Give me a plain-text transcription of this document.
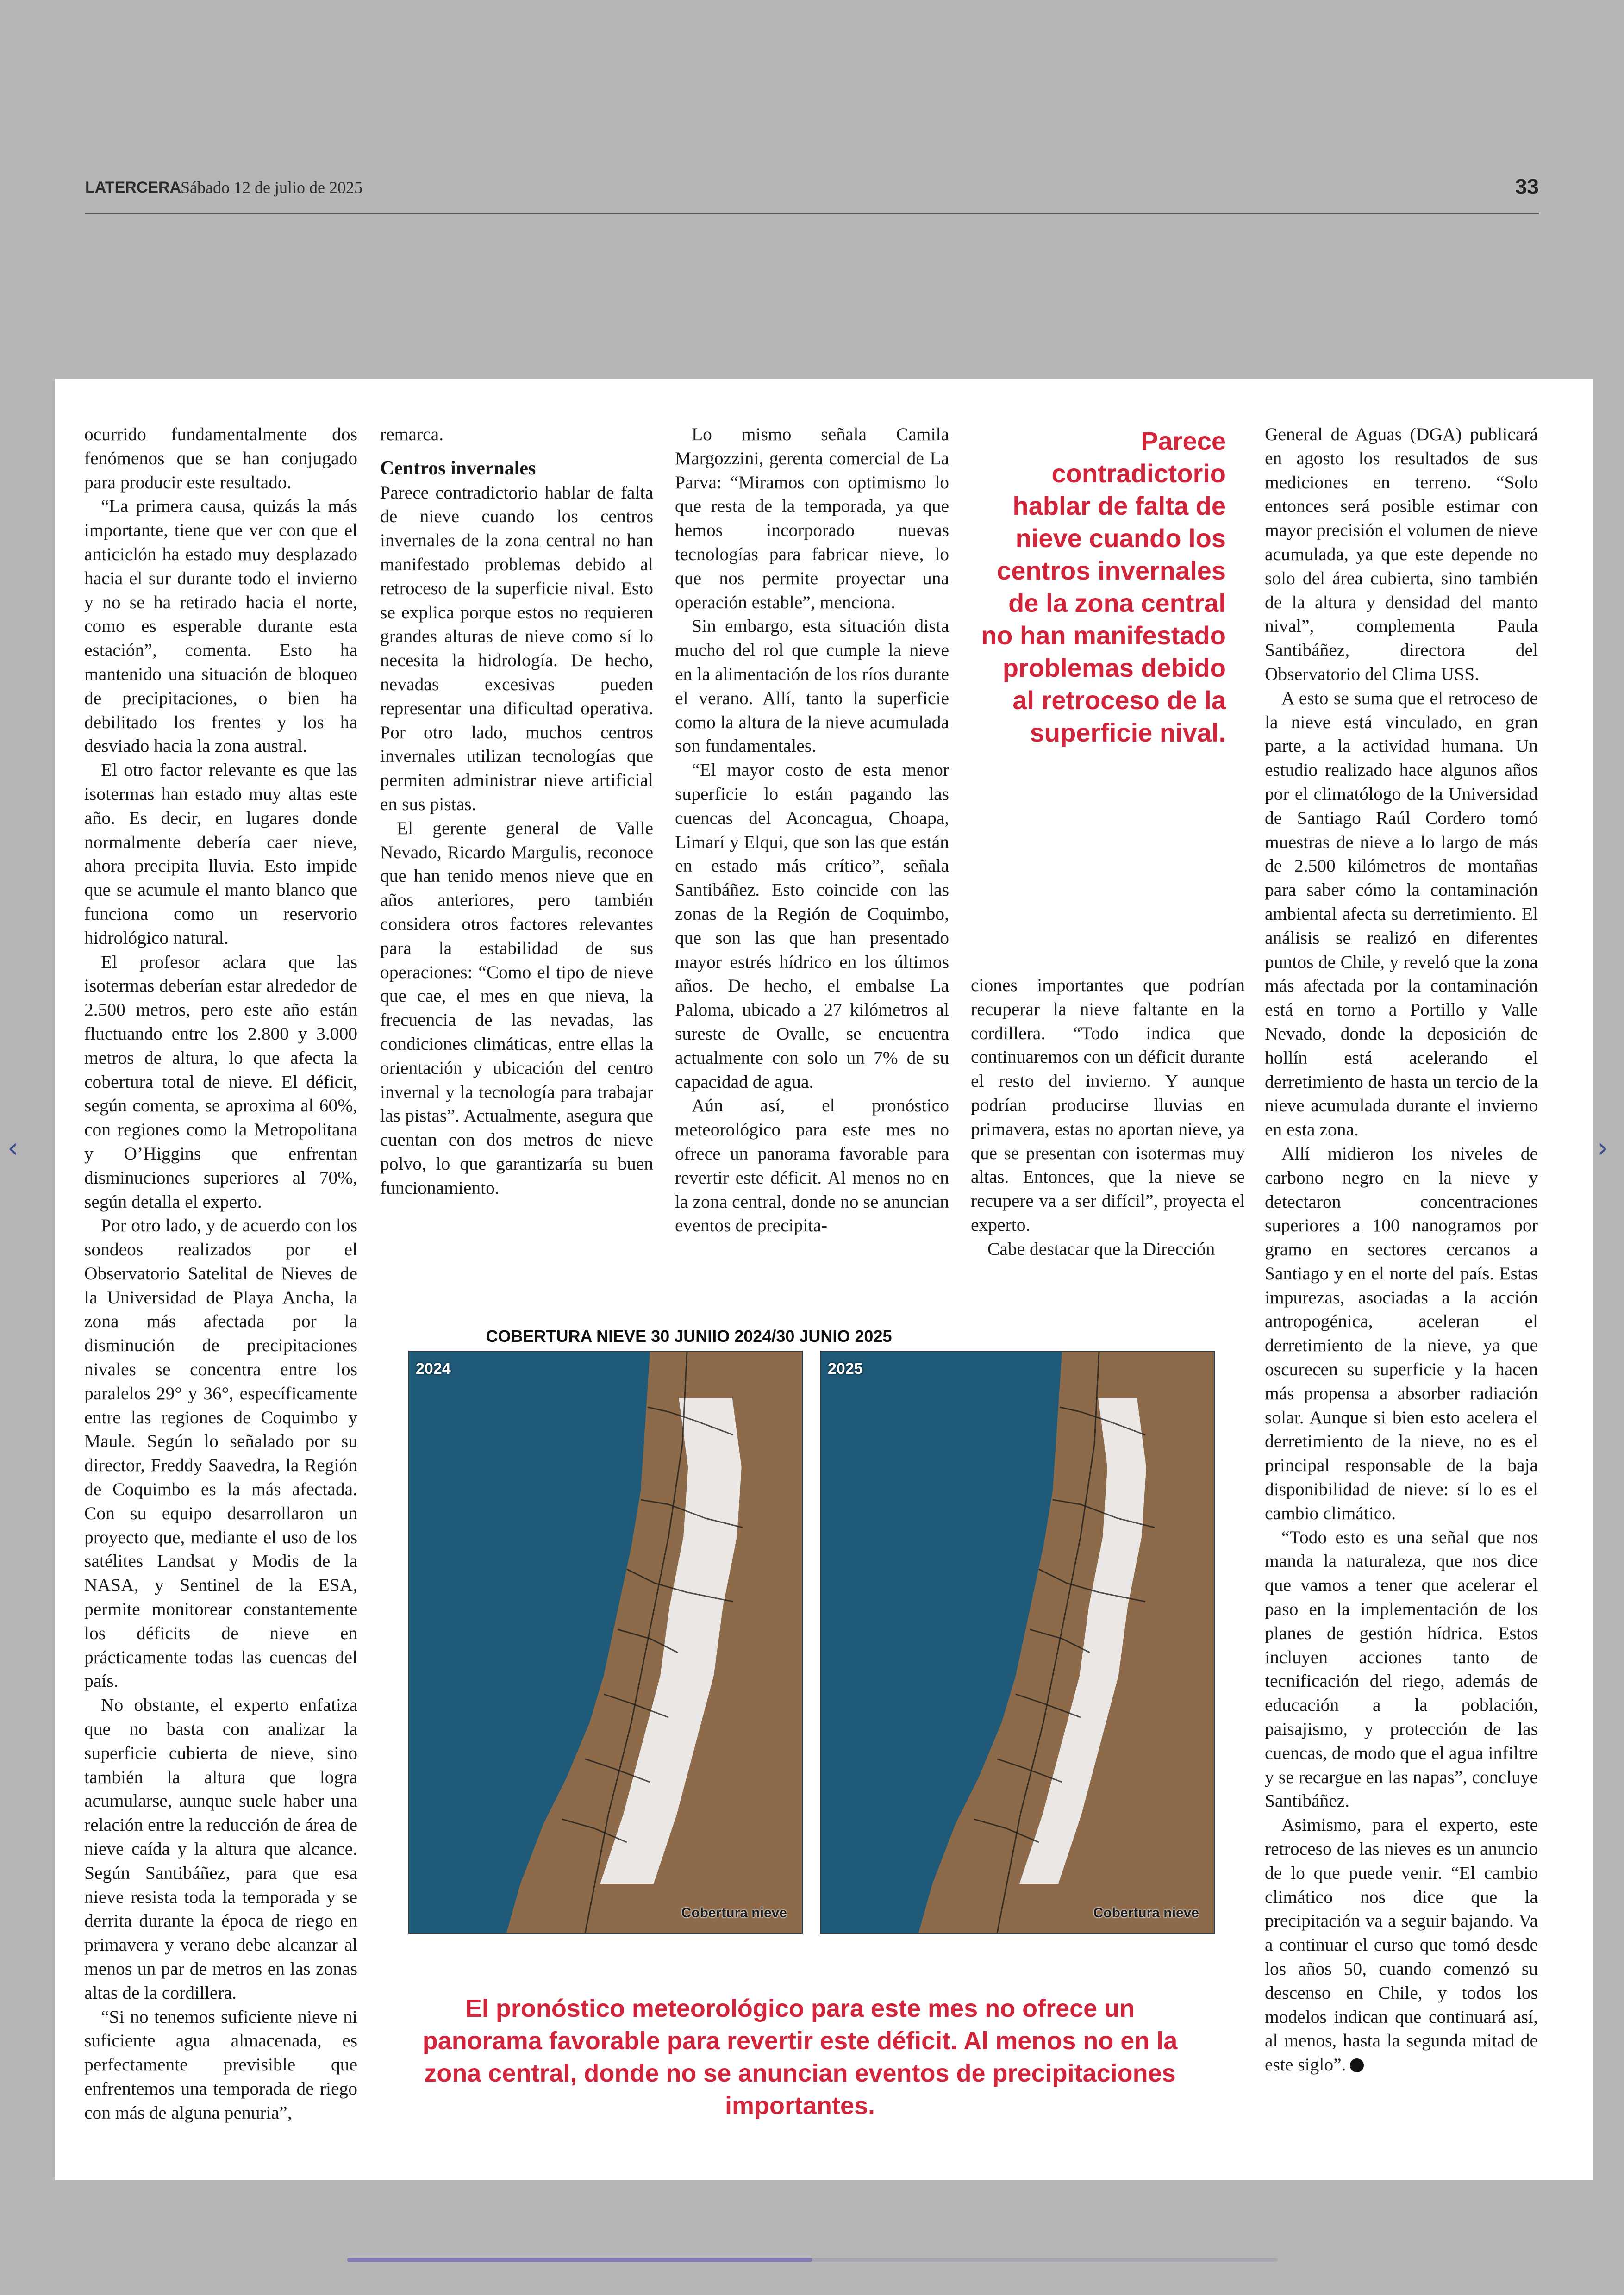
LATERCERA
Sábado 12 de julio de 2025	33
‹	›

ocurrido fundamentalmente dos fenómenos que se han conjugado para producir este resultado.

“La primera causa, quizás la más importante, tiene que ver con que el anticiclón ha estado muy desplazado hacia el sur durante todo el invierno y no se ha retirado hacia el norte, como es esperable durante esta estación”, comenta. Esto ha mantenido una situación de bloqueo de precipitaciones, o bien ha debilitado los frentes y los ha desviado hacia la zona austral.

El otro factor relevante es que las isotermas han estado muy altas este año. Es decir, en lugares donde normalmente debería caer nieve, ahora precipita lluvia. Esto impide que se acumule el manto blanco que funciona como un reservorio hidrológico natural.

El profesor aclara que las isotermas deberían estar alrededor de 2.500 metros, pero este año están fluctuando entre los 2.800 y 3.000 metros de altura, lo que afecta la cobertura total de nieve. El déficit, según comenta, se aproxima al 60%, con regiones como la Metropolitana y O’Higgins que enfrentan disminuciones superiores al 70%, según detalla el experto.

Por otro lado, y de acuerdo con los sondeos realizados por el Observatorio Satelital de Nieves de la Universidad de Playa Ancha, la zona más afectada por la disminución de precipitaciones nivales se concentra entre los paralelos 29° y 36°, específicamente entre las regiones de Coquimbo y Maule. Según lo señalado por su director, Freddy Saavedra, la Región de Coquimbo es la más afectada. Con su equipo desarrollaron un proyecto que, mediante el uso de los satélites Landsat y Modis de la NASA, y Sentinel de la ESA, permite monitorear constantemente los déficits de nieve en prácticamente todas las cuencas del país.

No obstante, el experto enfatiza que no basta con analizar la superficie cubierta de nieve, sino también la altura que logra acumularse, aunque suele haber una relación entre la reducción de área de nieve caída y la altura que alcance. Según Santibáñez, para que esa nieve resista toda la temporada y se derrita durante la época de riego en primavera y verano debe alcanzar al menos un par de metros en las zonas altas de la cordillera.

“Si no tenemos suficiente nieve ni suficiente agua almacenada, es perfectamente previsible que enfrentemos una temporada de riego con más de alguna penuria”,

remarca.

Centros invernales

Parece contradictorio hablar de falta de nieve cuando los centros invernales de la zona central no han manifestado problemas debido al retroceso de la superficie nival. Esto se explica porque estos no requieren grandes alturas de nieve como sí lo necesita la hidrología. De hecho, nevadas excesivas pueden representar una dificultad operativa. Por otro lado, muchos centros invernales utilizan tecnologías que permiten administrar nieve artificial en sus pistas.

El gerente general de Valle Nevado, Ricardo Margulis, reconoce que han tenido menos nieve que en años anteriores, pero también considera otros factores relevantes para la estabilidad de sus operaciones: “Como el tipo de nieve que cae, el mes en que nieva, la frecuencia de las nevadas, las condiciones climáticas, entre ellas la orientación y ubicación del centro invernal y la tecnología para trabajar las pistas”. Actualmente, asegura que cuentan con dos metros de nieve polvo, lo que garantizaría su buen funcionamiento.

Lo mismo señala Camila Margozzini, gerenta comercial de La Parva: “Miramos con optimismo lo que resta de la temporada, ya que hemos incorporado nuevas tecnologías para fabricar nieve, lo que nos permite proyectar una operación estable”, menciona.

Sin embargo, esta situación dista mucho del rol que cumple la nieve en la alimentación de los ríos durante el verano. Allí, tanto la superficie como la altura de la nieve acumulada son fundamentales.

“El mayor costo de esta menor superficie lo están pagando las cuencas del Aconcagua, Choapa, Limarí y Elqui, que son las que están en estado más crítico”, señala Santibáñez. Esto coincide con las zonas de la Región de Coquimbo, que son las que han presentado mayor estrés hídrico en los últimos años. De hecho, el embalse La Paloma, ubicado a 27 kilómetros al sureste de Ovalle, se encuentra actualmente con solo un 7% de su capacidad de agua.

Aún así, el pronóstico meteorológico para este mes no ofrece un panorama favorable para revertir este déficit. Al menos no en la zona central, donde no se anuncian eventos de precipita-

ciones importantes que podrían recuperar la nieve faltante en la cordillera. “Todo indica que continuaremos con un déficit durante el resto del invierno. Y aunque podrían producirse lluvias en primavera, estas no aportan nieve, ya que se presentan con isotermas muy altas. Entonces, que la nieve se recupere va a ser difícil”, proyecta el experto.

Cabe destacar que la Dirección

General de Aguas (DGA) publicará en agosto los resultados de sus mediciones en terreno. “Solo entonces será posible estimar con mayor precisión el volumen de nieve acumulada, ya que este depende no solo del área cubierta, sino también de la altura y densidad del manto nival”, complementa Paula Santibáñez, directora del Observatorio del Clima USS.

A esto se suma que el retroceso de la nieve está vinculado, en gran parte, a la actividad humana. Un estudio realizado hace algunos años por el climatólogo de la Universidad de Santiago Raúl Cordero tomó muestras de nieve a lo largo de más de 2.500 kilómetros de montañas para saber cómo la contaminación ambiental afecta su derretimiento. El análisis se realizó en diferentes puntos de Chile, y reveló que la zona más afectada por la contaminación está en torno a Portillo y Valle Nevado, donde la deposición de hollín está acelerando el derretimiento de hasta un tercio de la nieve acumulada durante el invierno en esta zona.

Allí midieron los niveles de carbono negro en la nieve y detectaron concentraciones superiores a 100 nanogramos por gramo en sectores cercanos a Santiago y en el norte del país. Estas impurezas, asociadas a la acción antropogénica, aceleran el derretimiento de la nieve, ya que oscurecen su superficie y la hacen más propensa a absorber radiación solar. Aunque si bien esto acelera el derretimiento de la nieve, no es el principal responsable de la baja disponibilidad de nieve: sí lo es el cambio climático.

“Todo esto es una señal que nos manda la naturaleza, que nos dice que vamos a tener que acelerar el paso en la implementación de los planes de gestión hídrica. Estos incluyen acciones tanto de tecnificación del riego, además de educación a la población, paisajismo, y protección de las cuencas, de modo que el agua infiltre y se recargue en las napas”, concluye Santibáñez.

Asimismo, para el experto, este retroceso de las nieves es un anuncio de lo que puede venir. “El cambio climático nos dice que la precipitación va a seguir bajando. Va a continuar el curso que tomó desde los años 50, cuando comenzó su descenso en Chile, y todos los modelos indican que continuará así, al menos, hasta la segunda mitad de este siglo”.

Parece contradictorio hablar de falta de nieve cuando los centros invernales de la zona central no han manifestado problemas debido al retroceso de la superficie nival.
COBERTURA NIEVE 30 JUNIIO 2024/30 JUNIO 2025
2024
Cobertura nieve
2025
Cobertura nieve
El pronóstico meteorológico para este mes no ofrece un panorama favorable para revertir este déficit. Al menos no en la zona central, donde no se anuncian eventos de precipitaciones importantes.
